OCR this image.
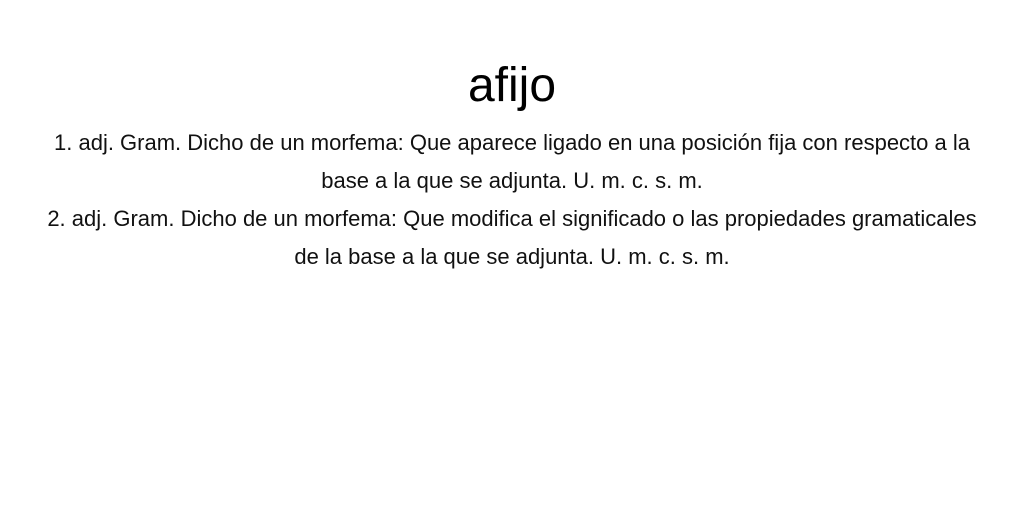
afijo

1. adj. Gram. Dicho de un morfema: Que aparece ligado en una posición fija con respecto a la base a la que se adjunta. U. m. c. s. m.

2. adj. Gram. Dicho de un morfema: Que modifica el significado o las propiedades gramaticales de la base a la que se adjunta. U. m. c. s. m.
